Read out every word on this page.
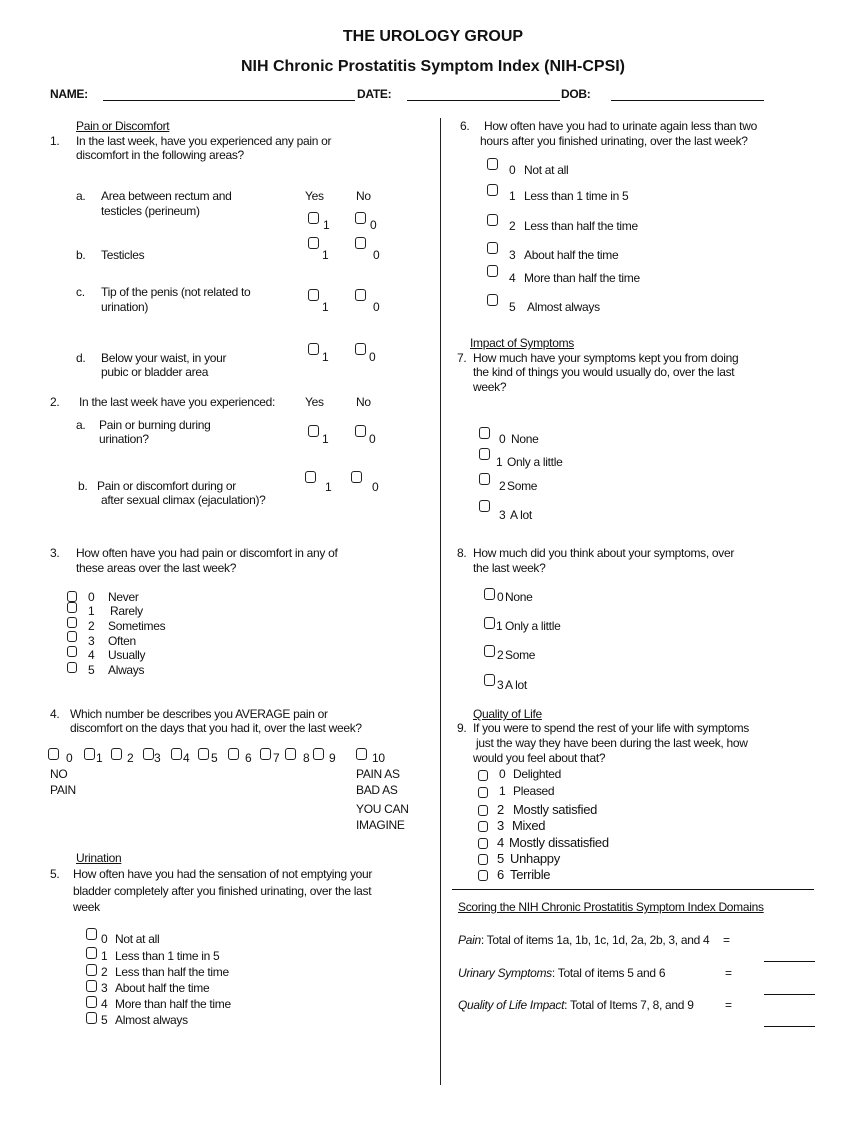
THE UROLOGY GROUP
NIH Chronic Prostatitis Symptom Index (NIH-CPSI)
NAME:	DATE:	DOB:
Pain or Discomfort
1. In the last week, have you experienced any pain or
discomfort in the following areas?
Yes	No
a. Area between rectum and
testicles (perineum)
1	0
b. Testicles	1	0
c. Tip of the penis (not related to
urination)	1	0
d. Below your waist, in your
pubic or bladder area
1	0
2. In the last week have you experienced: Yes	No
a. Pain or burning during
urination?	1	0
b. Pain or discomfort during or
after sexual climax (ejaculation)?
1	0
3. How often have you had pain or discomfort in any of
these areas over the last week?
0 Never
1 Rarely
2 Sometimes
3 Often
4 Usually
5 Always
4. Which number be describes you AVERAGE pain or
discomfort on the days that you had it, over the last week?
0 1 2 3 4 5 6 7 8 9	10
NO
PAIN
PAIN AS
BAD AS
YOU CAN
IMAGINE
Urination
5. How often have you had the sensation of not emptying your
bladder completely after you finished urinating, over the last
week
0 Not at all
1 Less than 1 time in 5
2 Less than half the time
3 About half the time
4 More than half the time
5 Almost always
6. How often have you had to urinate again less than two
hours after you finished urinating, over the last week?
0 Not at all
1 Less than 1 time in 5
2 Less than half the time
3 About half the time
4 More than half the time
5 Almost always
Impact of Symptoms
7. How much have your symptoms kept you from doing
the kind of things you would usually do, over the last
week?
0 None
1 Only a little
2 Some
3 A lot
8. How much did you think about your symptoms, over
the last week?
0 None
1 Only a little
2 Some
3 A lot
Quality of Life
9. If you were to spend the rest of your life with symptoms
just the way they have been during the last week, how
would you feel about that?
0 Delighted
1 Pleased
2 Mostly satisfied
3 Mixed
4 Mostly dissatisfied
5 Unhappy
6 Terrible
Scoring the NIH Chronic Prostatitis Symptom Index Domains
Pain: Total of items 1a, 1b, 1c, 1d, 2a, 2b, 3, and 4 =
Urinary Symptoms: Total of items 5 and 6	=
Quality of Life Impact: Total of Items 7, 8, and 9	=
